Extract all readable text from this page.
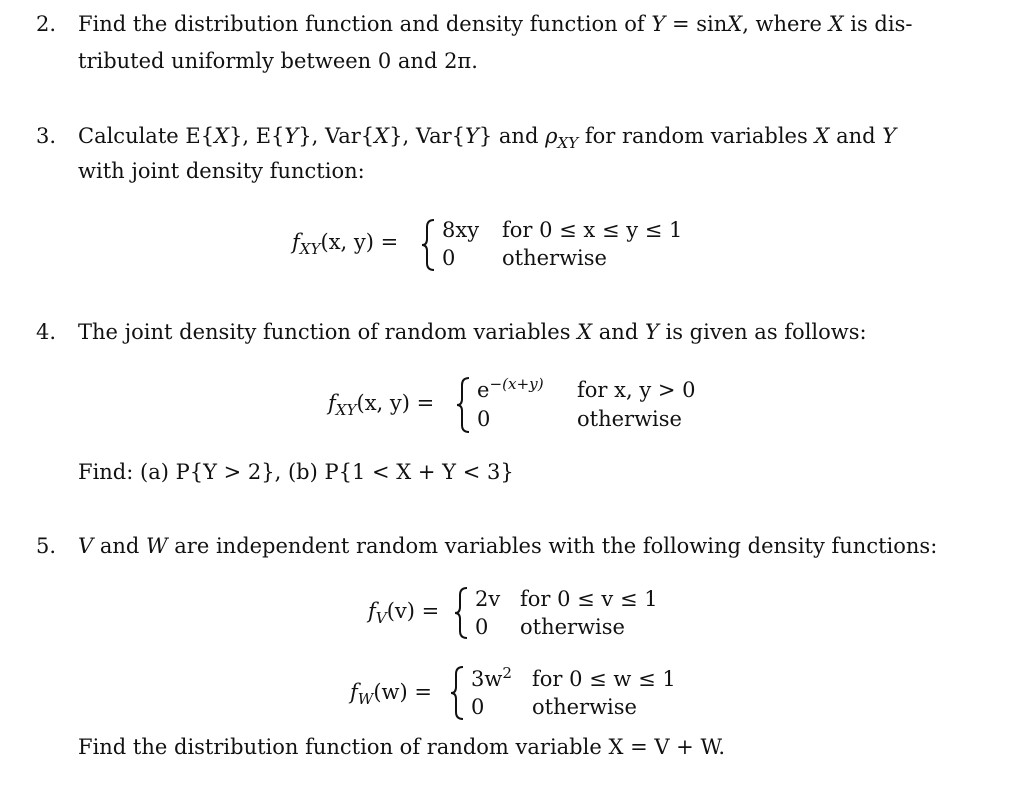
2. Find the distribution function and density function of Y = sinX, where X is dis-
tributed uniformly between 0 and 2π.
3. Calculate E{X}, E{Y}, Var{X}, Var{Y} and $\rho_{XY}$ for random variables X and Y
with joint density function:
$f_{XY}(x$, y) = 8xy for 0 ≤ x ≤ y ≤ 1
0 otherwise
4. The joint density function of random variables X and Y is given as follows:
$f_{XY}(x$, y) =
$e^{-(x+y)}$ for x, y > 0
0	otherwise
Find: (a) P{Y > 2}, (b) P{1 < X + Y < 3}
5. V and W are independent random variables with the following density functions:
$f_V(v) = 2v$ for 0 ≤ v ≤ 1
0 otherwise
$f_W(w)$ =
$3w^2$ for 0 ≤ w ≤ 1
0 otherwise
Find the distribution function of random variable X = V + W.
